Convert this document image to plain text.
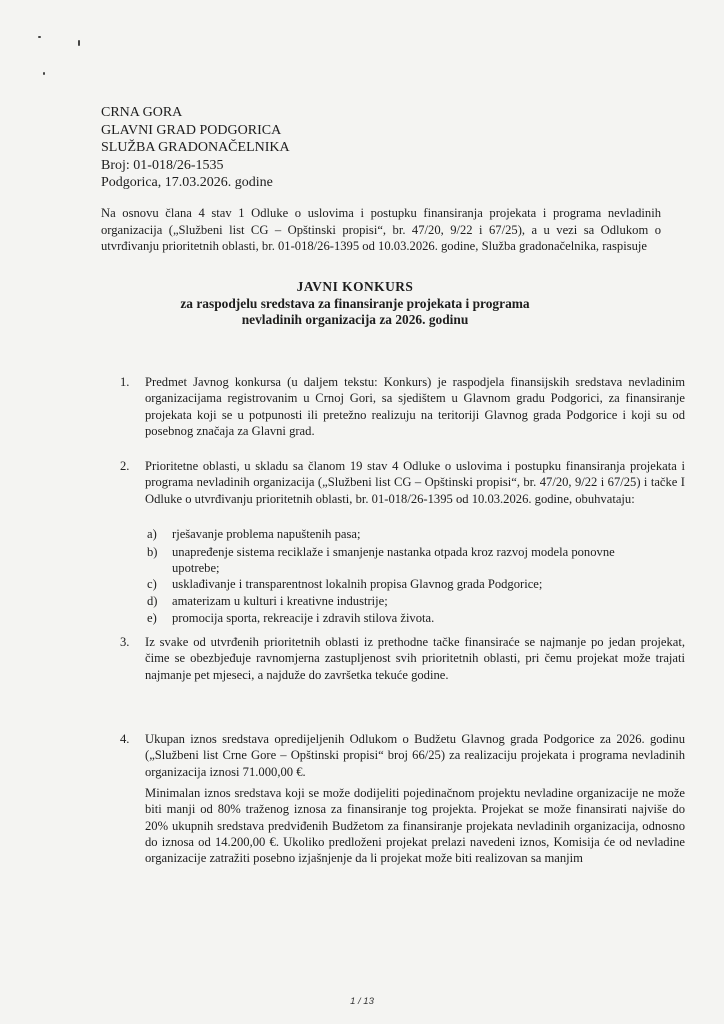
CRNA GORA
GLAVNI GRAD PODGORICA
SLUŽBA GRADONAČELNIKA
Broj: 01-018/26-1535
Podgorica, 17.03.2026. godine
Na osnovu člana 4 stav 1 Odluke o uslovima i postupku finansiranja projekata i programa nevladinih organizacija („Službeni list CG – Opštinski propisi“, br. 47/20, 9/22 i 67/25), a u vezi sa Odlukom o utvrđivanju prioritetnih oblasti, br. 01-018/26-1395 od 10.03.2026. godine, Služba gradonačelnika, raspisuje
JAVNI KONKURS
za raspodjelu sredstava za finansiranje projekata i programa
nevladinih organizacija za 2026. godinu
1. Predmet Javnog konkursa (u daljem tekstu: Konkurs) je raspodjela finansijskih sredstava nevladinim organizacijama registrovanim u Crnoj Gori, sa sjedištem u Glavnom gradu Podgorici, za finansiranje projekata koji se u potpunosti ili pretežno realizuju na teritoriji Glavnog grada Podgorice i koji su od posebnog značaja za Glavni grad.
2. Prioritetne oblasti, u skladu sa članom 19 stav 4 Odluke o uslovima i postupku finansiranja projekata i programa nevladinih organizacija („Službeni list CG – Opštinski propisi“, br. 47/20, 9/22 i 67/25) i tačke I Odluke o utvrđivanju prioritetnih oblasti, br. 01-018/26-1395 od 10.03.2026. godine, obuhvataju:
a) rješavanje problema napuštenih pasa;
b) unapređenje sistema reciklaže i smanjenje nastanka otpada kroz razvoj modela ponovne upotrebe;
c) usklađivanje i transparentnost lokalnih propisa Glavnog grada Podgorice;
d) amaterizam u kulturi i kreativne industrije;
e) promocija sporta, rekreacije i zdravih stilova života.
3. Iz svake od utvrđenih prioritetnih oblasti iz prethodne tačke finansiraće se najmanje po jedan projekat, čime se obezbjeđuje ravnomjerna zastupljenost svih prioritetnih oblasti, pri čemu projekat može trajati najmanje pet mjeseci, a najduže do završetka tekuće godine.
4. Ukupan iznos sredstava opredijeljenih Odlukom o Budžetu Glavnog grada Podgorice za 2026. godinu („Službeni list Crne Gore – Opštinski propisi“ broj 66/25) za realizaciju projekata i programa nevladinih organizacija iznosi 71.000,00 €.
Minimalan iznos sredstava koji se može dodijeliti pojedinačnom projektu nevladine organizacije ne može biti manji od 80% traženog iznosa za finansiranje tog projekta. Projekat se može finansirati najviše do 20% ukupnih sredstava predviđenih Budžetom za finansiranje projekata nevladinih organizacija, odnosno do iznosa od 14.200,00 €. Ukoliko predloženi projekat prelazi navedeni iznos, Komisija će od nevladine organizacije zatražiti posebno izjašnjenje da li projekat može biti realizovan sa manjim
1 / 13
